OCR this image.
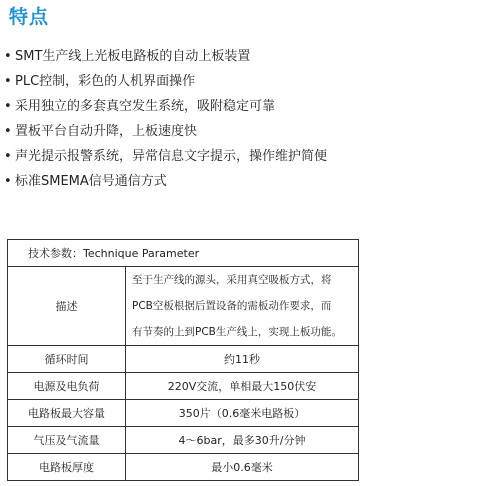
特点
• SMT生产线上光板电路板的自动上板装置
• PLC控制，彩色的人机界面操作
• 采用独立的多套真空发生系统，吸附稳定可靠
• 置板平台自动升降，上板速度快
• 声光提示报警系统，异常信息文字提示，操作维护简便
• 标准SMEMA信号通信方式
技术参数：Technique Parameter	
描述	至于生产线的源头，采用真空吸板方式，将
PCB空板根据后置设备的需板动作要求，而
有节奏的上到PCB生产线上，实现上板功能。

循环时间	约11秒
电源及电负荷	220V交流，单相最大150伏安
电路板最大容量	350片（0.6毫米电路板）
气压及气流量	4〜6bar，最多30升/分钟
电路板厚度	最小0.6毫米
